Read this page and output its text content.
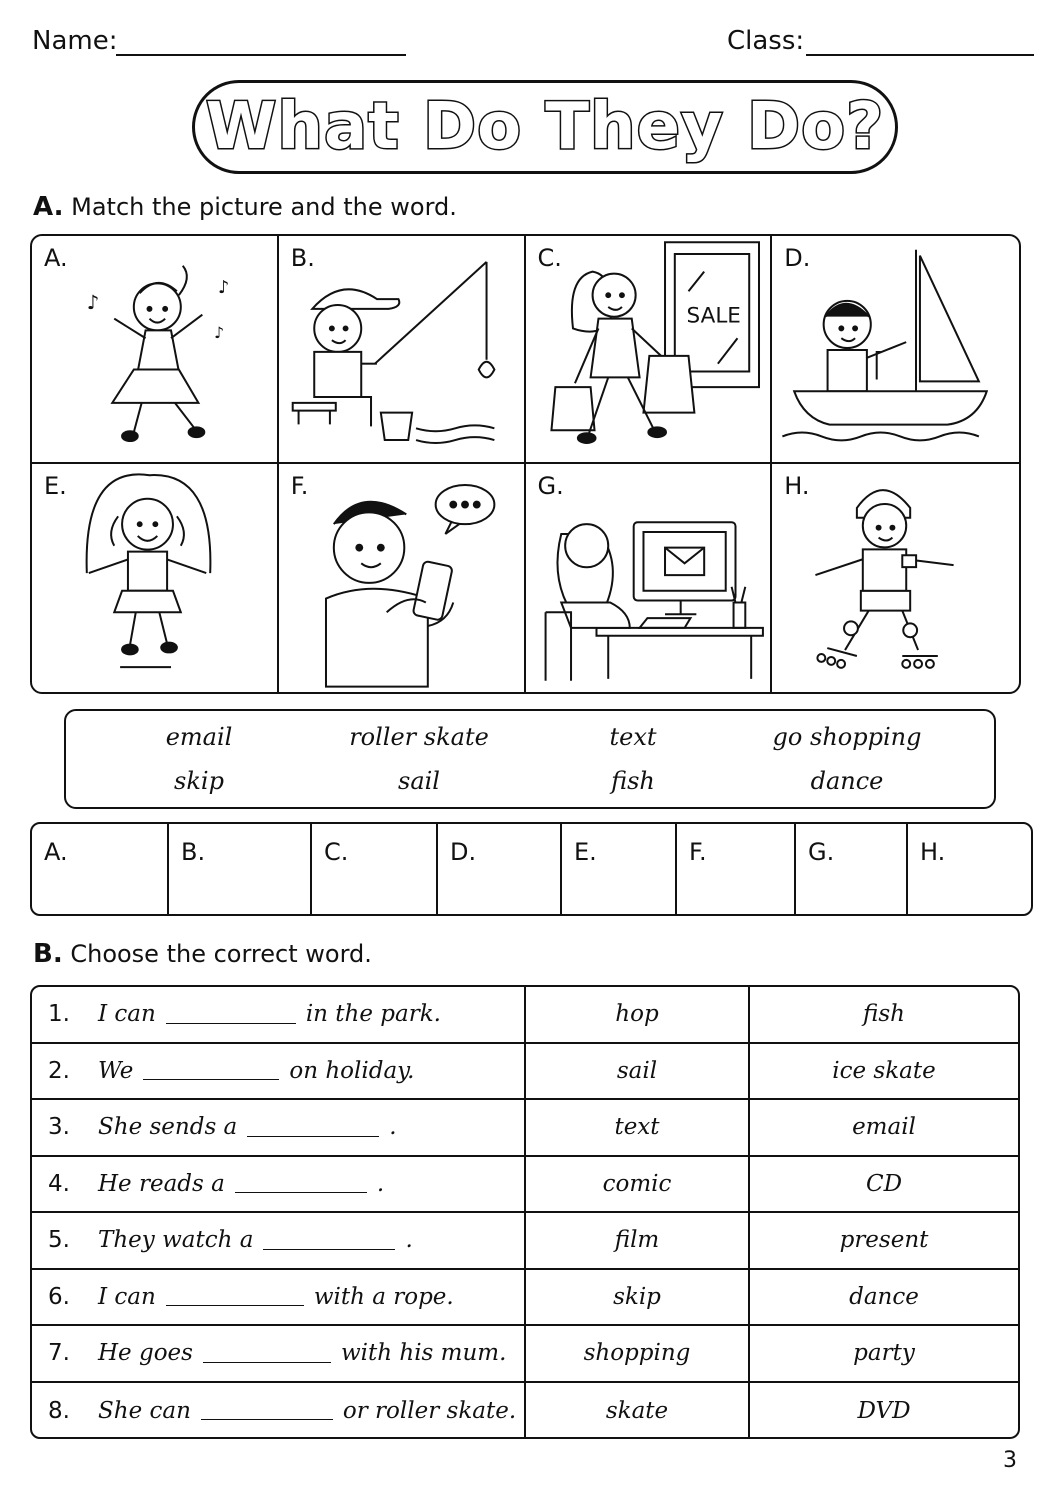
Name:	Class:
What Do They Do?
A. Match the picture and the word.
A.
♪
♪
♪
B.	C.
SALE
D.
E.	F.	G.	H.
email	roller skate	text	go shopping
skip	sail	fish	dance
A.	B.	C.	D.	E.	F.	G.	H.
B. Choose the correct word.
1.	I can	in the park.	hop	fish
2.	We	on holiday.	sail	ice skate
3.	She sends a	.	text	email
4.	He reads a	.	comic	CD
5.	They watch a	.	film	present
6.	I can	with a rope.	skip	dance
7.	He goes	with his mum.	shopping	party
8.	She can	or roller skate.	skate	DVD
3
